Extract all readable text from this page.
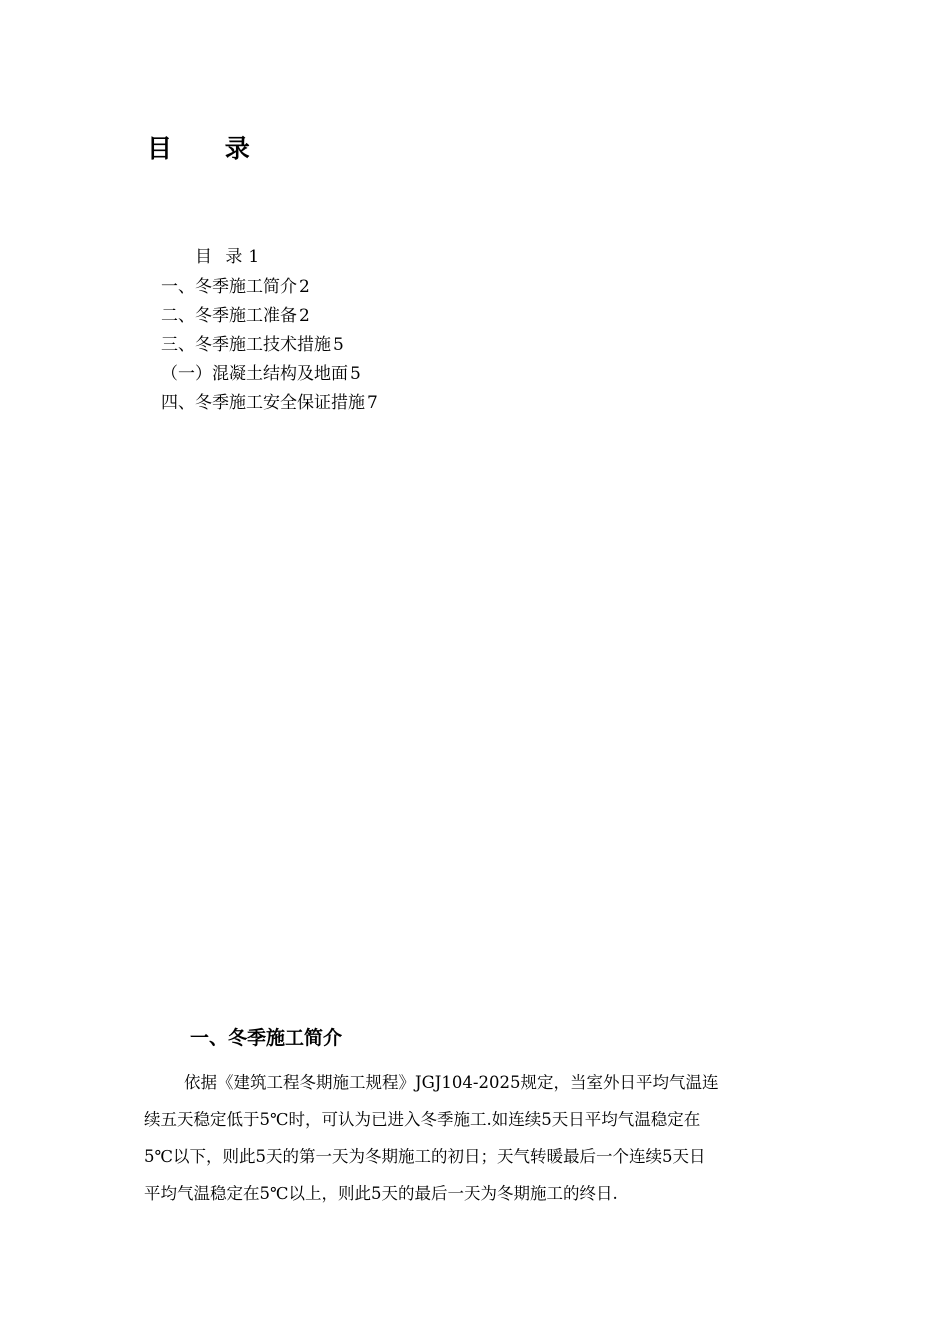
目 录
目 录 1
一、冬季施工简介 2
二、冬季施工准备 2
三、冬季施工技术措施 5
（一）混凝土结构及地面 5
四、冬季施工安全保证措施 7
一、冬季施工简介
依据《建筑工程冬期施工规程》JGJ104-2025规定，当室外日平均气温连
续五天稳定低于5℃时，可认为已进入冬季施工.如连续5天日平均气温稳定在
5℃以下，则此5天的第一天为冬期施工的初日；天气转暖最后一个连续5天日
平均气温稳定在5℃以上，则此5天的最后一天为冬期施工的终日.
